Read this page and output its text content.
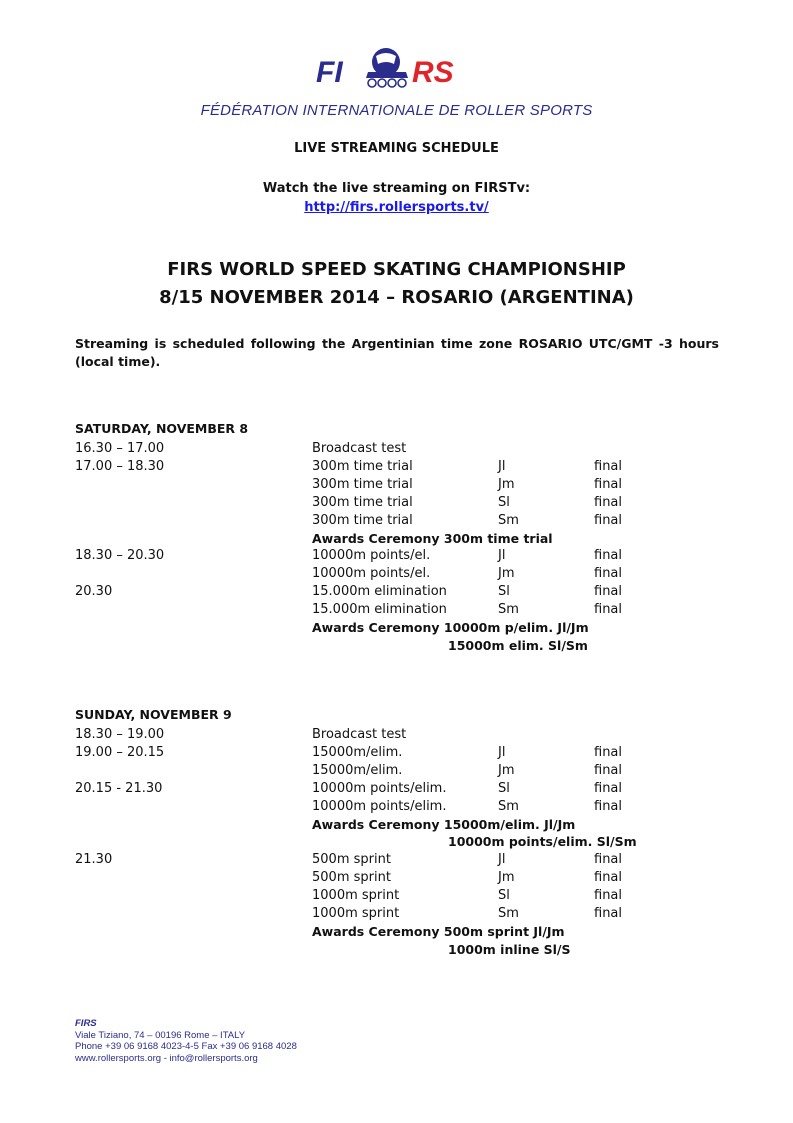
FI RS
FÉDÉRATION INTERNATIONALE DE ROLLER SPORTS
LIVE STREAMING SCHEDULE
Watch the live streaming on FIRSTv:
http://firs.rollersports.tv/
FIRS WORLD SPEED SKATING CHAMPIONSHIP
8/15 NOVEMBER 2014 – ROSARIO (ARGENTINA)
Streaming is scheduled following the Argentinian time zone ROSARIO UTC/GMT -3 hours (local time).
SATURDAY, NOVEMBER 8
16.30 – 17.00	Broadcast test
17.00 – 18.30	300m time trial	Jl	final
300m time trial	Jm	final
300m time trial	Sl	final
300m time trial	Sm	final
Awards Ceremony 300m time trial
18.30 – 20.30	10000m points/el.	Jl	final
10000m points/el.	Jm	final
20.30	15.000m elimination	Sl	final
15.000m elimination	Sm	final
Awards Ceremony 10000m p/elim. Jl/Jm
15000m elim. Sl/Sm
SUNDAY, NOVEMBER 9
18.30 – 19.00	Broadcast test
19.00 – 20.15	15000m/elim.	Jl	final
15000m/elim.	Jm	final
20.15 - 21.30	10000m points/elim.	Sl	final
10000m points/elim.	Sm	final
Awards Ceremony 15000m/elim. Jl/Jm
10000m points/elim. Sl/Sm
21.30	500m sprint	Jl	final
500m sprint	Jm	final
1000m sprint	Sl	final
1000m sprint	Sm	final
Awards Ceremony 500m sprint Jl/Jm
1000m inline Sl/S
FIRS
Viale Tiziano, 74 – 00196 Rome – ITALY
Phone +39 06 9168 4023-4-5 Fax +39 06 9168 4028
www.rollersports.org - info@rollersports.org
